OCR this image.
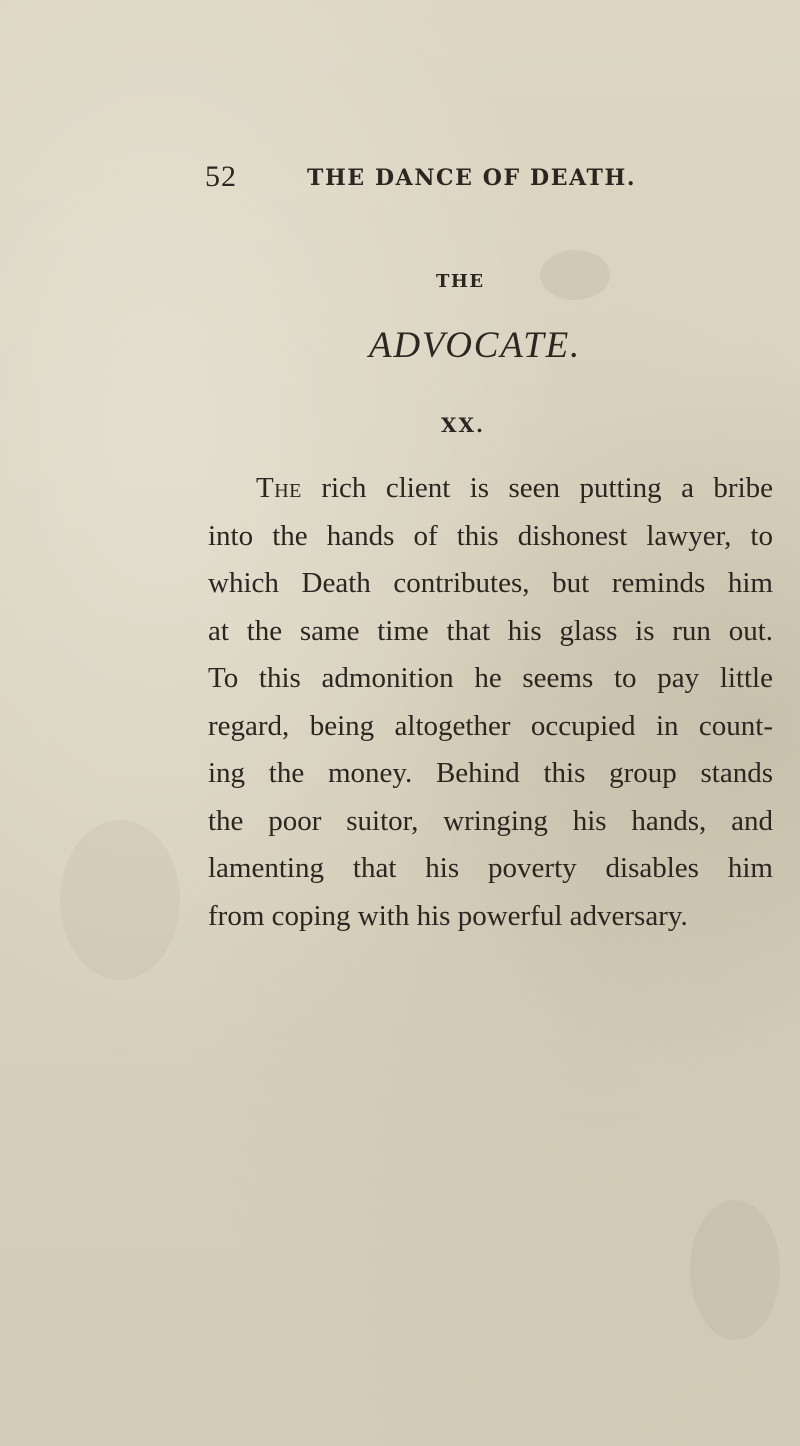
52	THE DANCE OF DEATH.
THE
ADVOCATE.
XX.
The rich client is seen putting a bribe
into the hands of this dishonest lawyer, to
which Death contributes, but reminds him
at the same time that his glass is run out.
To this admonition he seems to pay little
regard, being altogether occupied in count-
ing the money. Behind this group stands
the poor suitor, wringing his hands, and
lamenting that his poverty disables him
from coping with his powerful adversary.
